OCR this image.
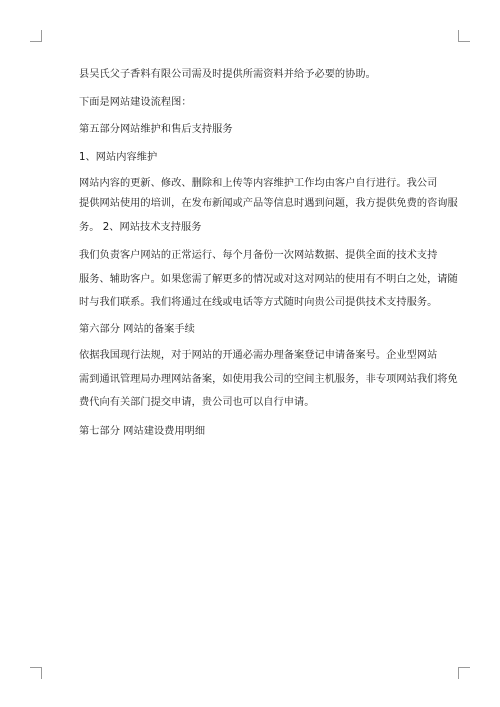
县吴氏父子香料有限公司需及时提供所需资料并给予必要的协助。
下面是网站建设流程图：
第五部分网站维护和售后支持服务
1、网站内容维护
网站内容的更新、修改、删除和上传等内容维护工作均由客户自行进行。我公司
提供网站使用的培训，在发布新闻或产品等信息时遇到问题，我方提供免费的咨询服
务。 2、网站技术支持服务
我们负责客户网站的正常运行、每个月备份一次网站数据、提供全面的技术支持
服务、辅助客户。如果您需了解更多的情况或对这对网站的使用有不明白之处，请随
时与我们联系。我们将通过在线或电话等方式随时向贵公司提供技术支持服务。
第六部分 网站的备案手续
依据我国现行法规，对于网站的开通必需办理备案登记申请备案号。企业型网站
需到通讯管理局办理网站备案，如使用我公司的空间主机服务，非专项网站我们将免
费代向有关部门提交申请，贵公司也可以自行申请。
第七部分 网站建设费用明细
